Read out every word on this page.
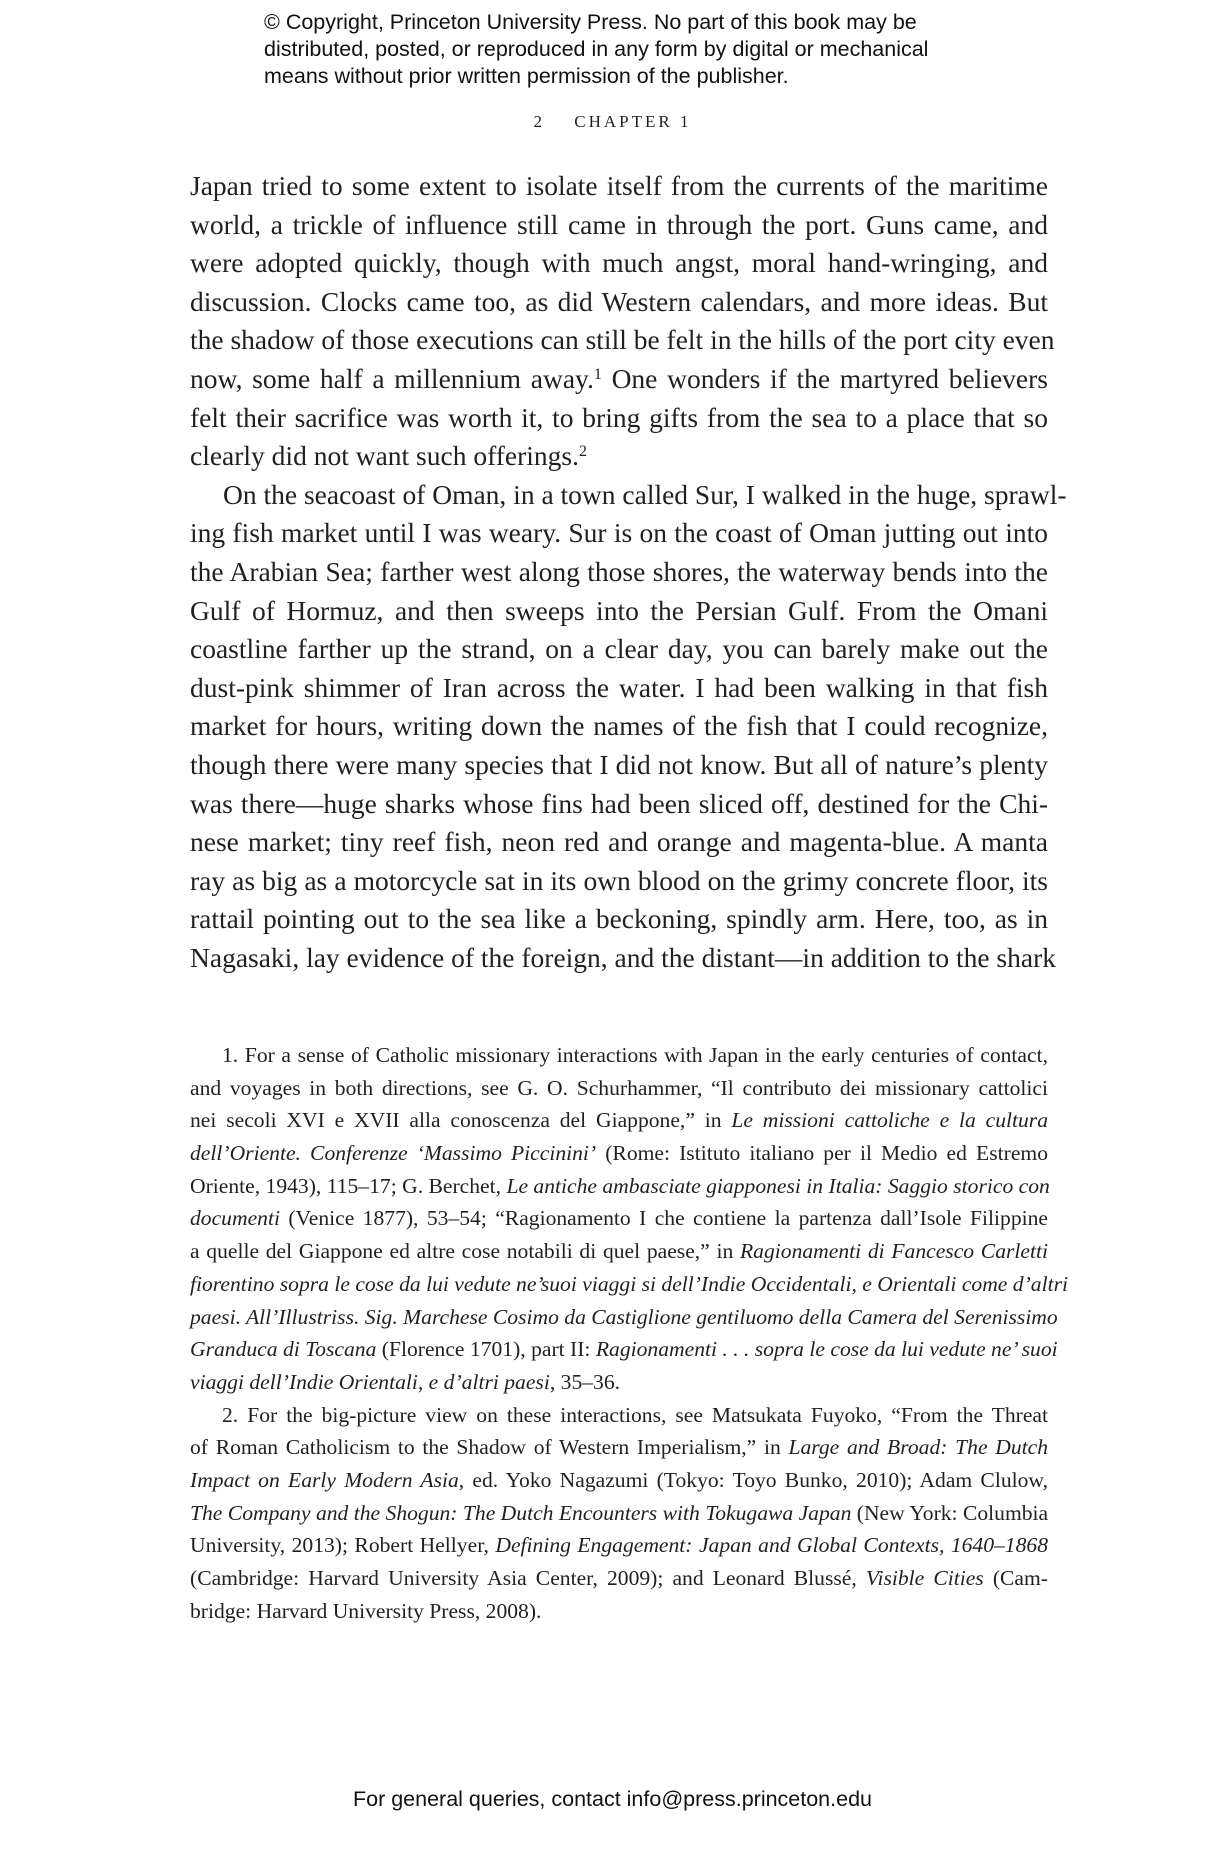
© Copyright, Princeton University Press. No part of this book may be
distributed, posted, or reproduced in any form by digital or mechanical
means without prior written permission of the publisher.
2 CHAPTER 1
Japan tried to some extent to isolate itself from the currents of the maritime
world, a trickle of influence still came in through the port. Guns came, and
were adopted quickly, though with much angst, moral hand-wringing, and
discussion. Clocks came too, as did Western calendars, and more ideas. But
the shadow of those executions can still be felt in the hills of the port city even
now, some half a millennium away.$^1$ One wonders if the martyred believers
felt their sacrifice was worth it, to bring gifts from the sea to a place that so
clearly did not want such offerings.$^2$
On the seacoast of Oman, in a town called Sur, I walked in the huge, sprawl-
ing fish market until I was weary. Sur is on the coast of Oman jutting out into
the Arabian Sea; farther west along those shores, the waterway bends into the
Gulf of Hormuz, and then sweeps into the Persian Gulf. From the Omani
coastline farther up the strand, on a clear day, you can barely make out the
dust-pink shimmer of Iran across the water. I had been walking in that fish
market for hours, writing down the names of the fish that I could recognize,
though there were many species that I did not know. But all of nature’s plenty
was there—huge sharks whose fins had been sliced off, destined for the Chi-
nese market; tiny reef fish, neon red and orange and magenta-blue. A manta
ray as big as a motorcycle sat in its own blood on the grimy concrete floor, its
rattail pointing out to the sea like a beckoning, spindly arm. Here, too, as in
Nagasaki, lay evidence of the foreign, and the distant—in addition to the shark
1. For a sense of Catholic missionary interactions with Japan in the early centuries of contact,
and voyages in both directions, see G. O. Schurhammer, “Il contributo dei missionary cattolici
nei secoli XVI e XVII alla conoscenza del Giappone,” in Le missioni cattoliche e la cultura
dell’Oriente. Conferenze ‘Massimo Piccinini’ (Rome: Istituto italiano per il Medio ed Estremo
Oriente, 1943), 115–17; G. Berchet, Le antiche ambasciate giapponesi in Italia: Saggio storico con
documenti (Venice 1877), 53–54; “Ragionamento I che contiene la partenza dall’Isole Filippine
a quelle del Giappone ed altre cose notabili di quel paese,” in Ragionamenti di Fancesco Carletti
fiorentino sopra le cose da lui vedute ne’suoi viaggi si dell’Indie Occidentali, e Orientali come d’altri
paesi. All’Illustriss. Sig. Marchese Cosimo da Castiglione gentiluomo della Camera del Serenissimo
Granduca di Toscana (Florence 1701), part II: Ragionamenti . . . sopra le cose da lui vedute ne’ suoi
viaggi dell’Indie Orientali, e d’altri paesi, 35–36.
2. For the big-picture view on these interactions, see Matsukata Fuyoko, “From the Threat
of Roman Catholicism to the Shadow of Western Imperialism,” in Large and Broad: The Dutch
Impact on Early Modern Asia, ed. Yoko Nagazumi (Tokyo: Toyo Bunko, 2010); Adam Clulow,
The Company and the Shogun: The Dutch Encounters with Tokugawa Japan (New York: Columbia
University, 2013); Robert Hellyer, Defining Engagement: Japan and Global Contexts, 1640–1868
(Cambridge: Harvard University Asia Center, 2009); and Leonard Blussé, Visible Cities (Cam-
bridge: Harvard University Press, 2008).
For general queries, contact info@press.princeton.edu
